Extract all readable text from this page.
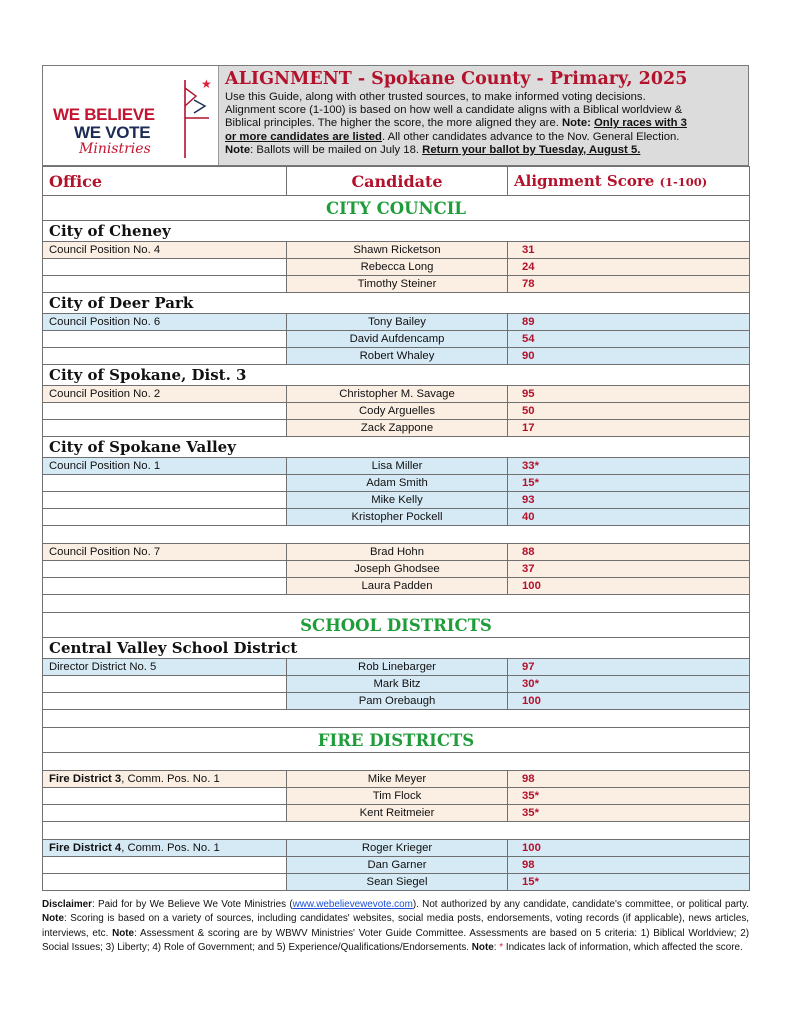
★
WE BELIEVE
WE VOTE
Ministries
ALIGNMENT - Spokane County - Primary, 2025
Use this Guide, along with other trusted sources, to make informed voting decisions.
Alignment score (1-100) is based on how well a candidate aligns with a Biblical worldview &
Biblical principles. The higher the score, the more aligned they are. Note: Only races with 3
or more candidates are listed. All other candidates advance to the Nov. General Election.
Note: Ballots will be mailed on July 18. Return your ballot by Tuesday, August 5.
Office	Candidate	Alignment Score (1-100)
CITY COUNCIL		
City of Cheney		
Council Position No. 4	Shawn Ricketson	31
	Rebecca Long	24
	Timothy Steiner	78
City of Deer Park		
Council Position No. 6	Tony Bailey	89
	David Aufdencamp	54
	Robert Whaley	90
City of Spokane, Dist. 3		
Council Position No. 2	Christopher M. Savage	95
	Cody Arguelles	50
	Zack Zappone	17
City of Spokane Valley		
Council Position No. 1	Lisa Miller	33*
	Adam Smith	15*
	Mike Kelly	93
	Kristopher Pockell	40

Council Position No. 7	Brad Hohn	88
	Joseph Ghodsee	37
	Laura Padden	100

SCHOOL DISTRICTS		
Central Valley School District		
Director District No. 5	Rob Linebarger	97
	Mark Bitz	30*
	Pam Orebaugh	100

FIRE DISTRICTS		

Fire District 3, Comm. Pos. No. 1	Mike Meyer	98
	Tim Flock	35*
	Kent Reitmeier	35*

Fire District 4, Comm. Pos. No. 1	Roger Krieger	100
	Dan Garner	98
	Sean Siegel	15*
Disclaimer: Paid for by We Believe We Vote Ministries (www.webelievewevote.com). Not authorized by any candidate, candidate's committee, or political party. Note: Scoring is based on a variety of sources, including candidates' websites, social media posts, endorsements, voting records (if applicable), news articles, interviews, etc. Note: Assessment & scoring are by WBWV Ministries' Voter Guide Committee. Assessments are based on 5 criteria: 1) Biblical Worldview; 2) Social Issues; 3) Liberty; 4) Role of Government; and 5) Experience/Qualifications/Endorsements. Note: * Indicates lack of information, which affected the score.
